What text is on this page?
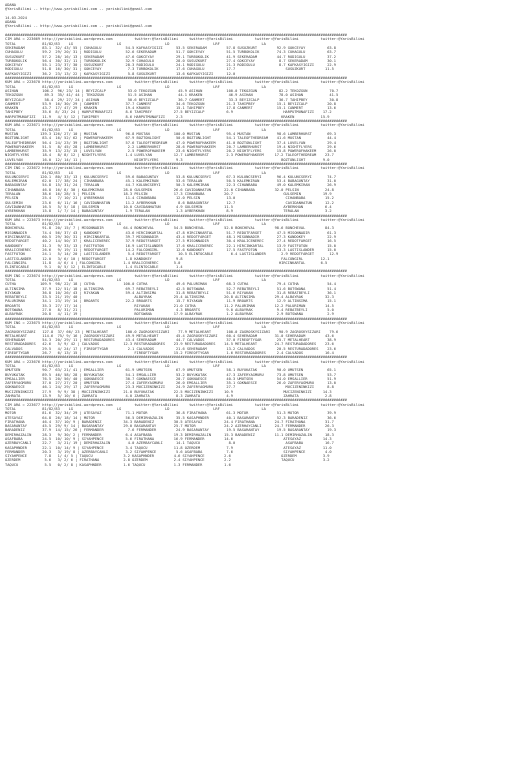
ADANA
@YarisBilimi -- http://www.yarisbilimi.com -- yarisbilimi@gmail.com
14.03.2024
ADANA
@YarisBilimi -- http://www.yarisbilimi.com -- yarisbilimi@gmail.com
############################################################################################################################################################
CIM ARA = 223669 http://yarisbilimi.wordpress.com          twitter:@YarisBilimi     twitter:@YarisBilimi          twitter:@YarisBilimi          twitter:@YarisBilimi
TOTAL            81/82/83    LG                    LG                    LD                    LRF                   LA
SEKERADAM        83.1  32/ 43/ 55 | CUHAGULU           54.5 KAFKASYIGIZI      53.5 SEKERADAM         57.8 SUSUZKURT         92.9 GOKCEYAY          63.8
CUHAGULU         59.2  29/ 20/ 31 | RODIGULU           52.6 SEKERADAM         51.7 GOKCEYAY          51.5 TURBOKOLIK        74.3 CUHAGULU          63.7
SUSUZKURT        57.2  28/ 16/ 13 | SEKERADAM          47.6 GOKCEYAY          29.1 TURBOKOLIK        41.9 SEKERADAM         44.7 RODIGULU          37.2
TURBOKOLIK       56.4  30/ 32/ 11 | TURBOKOLIK         32.9 CUHAGULU          28.0 SUSUZKURT         27.4 GOKCEYAY           8.7 SEKERADAM         30.1
GOKCEYAY         55.1  23/ 37/ 30 | SUSUZKURT          28.3 RODIGULU          24.1 RODIGULU          21.3 RODIGULU           8.7 KAFKASYIGIZI      22.9
RODIGULU         51.8  16/ 30/ 31 | GOKCEYAY            7.3 TURBOKOLIK        17.6 CUHAGULU          17.7                       SUSUZKURT         11.5
KAFKASYIGIZI     36.2  23/ 13/ 22 | KAFKASYIGIZI        5.8 SUSUZKURT         13.6 KAFKASYIGIZI      12.0
############################################################################################################################################################
KUM ARA = 223670 http://yarisbilimi.wordpress.com          twitter:@YarisBilimi     twitter:@YarisBilimi          twitter:@YarisBilimi          twitter:@YarisBilimi
TOTAL            81/82/83    LG                    LG                    LD                    LRF                   LA
ASIHAN           106.2  96/ 23/ 14 | BEYIZCALP          53.0 TEKOZGUN          45.9 ASIHAN           100.0 TEKOZGUN          82.2 TEKOZGUN          70.7
TEKOZGUN          89.3  35/ 41/ 44 | TEKOZGUN           51.5 ASIHAN            44.1 KRAKEN            46.9 ASIHAN            78.0 ASIHAN            41.5
BEYIZCALP         58.4  29/ 27/ 24 | ASIHAN             50.6 BEYIZCALP         36.7 CANMERT           33.3 BEYIZCALP         36.7 TAHIPBEY          30.8
CANMERT          53.9  16/ 30/ 29 | CANMERT            37.7 CANMERT           34.6 TEKOZGUN          21.3 TAHIPBEY          15.1 BEYIZCALP         20.8
KRAKEN           43.7  17/ 47/ 29 | KRAKEN             19.4 KRAKEN            15.1 TAHIPBEY          17.8 CANMERT           15.1 CANMERT           13.6
TAHIPBEY         35.6  8/ 23/ 24 | HARPUTMUNAFIZI      8.6 TAHIPBEY          27.5 BEYIZCALP          6.9                       HARPUTMUNAFIZI    17.2
HARPUTMUNAFIZI   11.9   4/ 5/ 12 | TAHIPBEY            8.6 HARPUTMUNAFIZI     2.3                                             KRAKEN            15.9
############################################################################################################################################################
KUM ARA = 223671 http://yarisbilimi.wordpress.com          twitter:@YarisBilimi     twitter:@YarisBilimi          twitter:@YarisBilimi          twitter:@YarisBilimi
TOTAL            81/82/83    LG                    LG                    LD                    LRF                   LA
MUSTAN          139.3 126/ 27/ 10 | MUSTAN             96.8 MUSTAN           100.0 MUSTAN            95.4 MUSTAN            98.6 LAMBERHURST       69.3
BOZTONLIGHT      83.4  16/ 52/ 62 | POWEROFHAKEEM      67.9 BOZTONLIGHT       50.6 BOZTONLIGHT       54.1 TALEOFTHEDREAM    41.6 MUSTAN            44.4
TALEOFTHEDREAM   56.4  24/ 23/ 39 | BOZTONLIGHT        57.6 TALEOFTHEDREAM    47.0 POWEROFHAKEEM     41.0 BOZTONLIGHT       37.4 LUVELYAN          29.4
POWEROFHAKEEM    51.5   8/ 45/ 28 | LAMBERHURST         2.2 LAMBERHURST       28.6 POWEROFHAKEEM     20.7 LAMBERHURST       19.4 NIGHTFLYERS       29.6
LAMBERHURST      35.9  13/ 23/ 15 | LUVELYAN            2.5 POWEROFHAKEEM     23.6 NIGHTFLYERS       20.2 NIGHTFLYERS       15.8 POWEROFHAKEEM     26.0
NIGHTFLYERS      18.4   8/ 8/ 12 | NIGHTFLYERS         1.4 LUVELYAN          12.7 LAMBERHURST        2.3 POWEROFHAKEEM     17.2 TALEOFTHEDREAM    23.7
LUVELYAN         16.0  12/ 14/ 11 |                        NIGHTFLYERS        9.3                                             BOZTONLIGHT        9.0
############################################################################################################################################################
CIM ING = 223672 http://yarisbilimi.wordpress.com          twitter:@YarisBilimi     twitter:@YarisBilimi          twitter:@YarisBilimi          twitter:@YarisBilimi
TOTAL            81/82/83    LG                    LG                    LD                    LRF                   LA
KULUNCSERYI     120.1  80/ 33/ 13 | KULUNCSERYI        59.6 BABAGUNTAY        53.8 KULUNCSERYI       67.3 KULUNCSERYI       96.4 KULUNCSERYI       74.7
KALEMKIRAN       62.0  17/ 38/ 24 | CIHANBABA          45.1 KALEMKIRAN        53.6 TERALAN           50.5 KALEMKIRAN        53.4 BABAGUNTAY        31.0
BABAGUNTAY       54.8  15/ 31/ 24 | TERALAN            44.7 KULUNCSERYI       50.3 KALEMKIRAN        22.3 CIHANBABA         49.0 KALEMKIRAN        26.9
CIHANBABA        46.8  16/ 8/ 30 | KALEMKIRAN         28.0 GULSEMIN          26.6 CAVIDANHATUN      22.0 CIHANBABA         32.0 PELSIN            24.8
TERALAN          38.6  16/ 28/ 5 | PELSIN             18.3 PELSIN            17.3 CIHANBABA         20.7                       GULSEMIN          19.9
PELSIN           25.4   7/ 10/ 21 | AYBERKHAN          11.4 CIHANBABA         12.0 PELSIN            13.0                       CIHANBABA         15.2
GULSEMIN         23.6   6/ 11/ 16 | CAVIDANHATUN       11.2 AYBERKHAN          8.6 BABAGUNTAY        12.7                       CAVIDANHATUN      12.2
CAVIDANHATUN     16.5   5/ 5/ 18 | GULSEMIN           10.0 CAVIDANHATUN       4.9 GULSEMIN          11.5                       AYBERKHAN          6.4
AYBERKHAN        15.8   1/ 7/ 14 | BABAGUNTAY          1.9 TERALAN            1.3 AYBERKHAN          8.9                       TERALAN            3.2
############################################################################################################################################################
KUM ARA = 223673 http://yarisbilimi.wordpress.com          twitter:@YarisBilimi     twitter:@YarisBilimi          twitter:@YarisBilimi          twitter:@YarisBilimi
TOTAL            81/82/83    LG                    LG                    LD                    LRF                   LA
BONCHEVAL        91.8  20/ 15/ 7 | MISONNADIR         64.4 BONCHEVAL         54.5 BONCHEVAL         52.0 BONCHEVAL         98.6 BONCHEVAL         84.3
MISONNADIR       74.4  56/ 37/ 43 | KANDOKEY           43.6 HIRCINKARTAL      47.8 HIRCINKARTAL      51.7 REDOTFARGET       47.5 MISONNADIR        61.3
HIRCINKARTAL     60.5  29/ 30/ 31 | HIRCINKARTAL       39.7 MISONNADIR        43.4 REDOTFARGET       48.1 MISONNADIR        27.3 KANDOKEY          22.9
REDOTFARGET      40.2  14/ 50/ 37 | KRALICENEREC       37.9 REDOTFARGET       27.5 MISONNADIR        30.4 KRALICENEREC      27.4 REDOTFARGET       16.5
KANDOKEY         31.3   9/ 33/ 13 | FASTFOTON          16.9 LASTISLANDER      17.6 KRALICENEREC      22.1 HIRCINKARTAL      13.9 FASTFOTON         15.0
KRALICENEREC     26.6   9/ 19/ 11 | REDOTFARGET        14.2 FALCONGIRL        12.6 KANDOKEY          17.5 FASTFOTON         13.3 LASTISLANDER      15.0
FASTFOTON        24.1   5/ 14/ 20 | LASTISLANDER        5.4 REDOTFARGET        10.5 ELINTOCABLE        6.4 LASTISLANDER       2.9 REDOTFARGET       12.9
LASTISLANDER     12.0   3/ 6/ 10 | REDOTFARGET         1.8 KANDOKEY           9.8                                             FALCONGIRL        12.1
FALCONGIRL       11.8   4/ 6/ 4 | FALCONGIRL          1.4 KRALICENEREC       5.0                                             HIRCINKARTAL       6.5
ELINTOCABLE       9.1   0/ 5/ 12 | ELINTOCABLE         1.4 ELINTOCABLE        1.4
############################################################################################################################################################
KUM ING = 223674 http://yarisbilimi.wordpress.com          twitter:@YarisBilimi     twitter:@YarisBilimi          twitter:@YarisBilimi          twitter:@YarisBilimi
TOTAL            81/82/83    LG                    LG                    LD                    LRF                   LA
CUTHA           109.9  98/ 22/ 18 | CUTHA             100.0 CUTHA             49.6 PALURIMAN         68.3 CUTHA             79.4 CUTHA             54.4
ALTINSIMA        37.9  12/ 51/ 18 | ALTINSIMA          69.7 REBATBEYLI        42.5 BOTSWANA          52.7 REBATBEYLI        51.6 BOTSWANA          51.4
RIYAKAN          36.8  10/ 26/ 43 | RIYAKAN            59.4 ALTINSIMA         31.8 REBATBEYLI        51.6 RIYAKAN           31.8 REBATBEYLI        36.1
REBATBEYLI       33.5  21/ 19/ 40 |                        ALBAYRAK          25.4 ALTINSIMA         20.8 ALTINSIMA         29.4 ALBAYRAK          32.3
PALURIMAN        34.1  23/ 19/ 14 | BROARTS            22.2 BROARTS           15.7 RIYAKAN           11.9 BROARTS           12.9 ALTINSIMA         15.1
BROARTS          35.3  27/ 17/ 14 |                        RIYAKAN           21.0 CUTHA             11.2 PALURIMAN         12.2 PALURIMAN         14.5
BOTSWANA         27.0   8/ 31/ 21 |                        PALURIMAN          4.3 BROARTS            9.0 ALBAYRAK           9.4 REBATBEYLI         5.0
ALBAYRAK         20.8   4/ 11/ 19 |                        BOTSWANA          17.9 ALBAYRAK           1.2 ALBAYRAK           2.9 BOTSWANA           2.9
############################################################################################################################################################
KUM ING = 223675 http://yarisbilimi.wordpress.com          twitter:@YarisBilimi     twitter:@YarisBilimi          twitter:@YarisBilimi          twitter:@YarisBilimi
TOTAL            81/82/83    LG                    LG                    LD                    LRF                   LA
ZAGROSKYSIZARI   127.8  37/ 66/ 23 | METALHEART        100.0 ZAGROSKYSIZARI    77.9 METALHEART       100.0 ZAGROSKYSIZARI    90.9 ZAGROSKYSIZARI    79.6
METALHEART       114.6  75/ 9/ 16 | ZAGROSKYSIZARI     49.9 METALHEART        45.4 ZAGROSKYSIZARI    60.4 SEHERADAM        31.0 SEHERADAM         43.6
SEHERADAM        54.3  20/ 29/ 11 | RESTURADADORES     43.4 SEHERADAM         44.7 CALVADOS          37.0 FIREOFTYGAR       25.7 METALHEART        38.9
RESTURADADORES   42.6   5/ 9/ 42 | CALVADOS           12.3 RESTURADADORES    23.9 RESTURADADORES    14.5 METALHEART        24.7 RESTURADADORES    23.6
CALVADOS         29.5   4/ 24/ 17 | FIREOFTYGAR         2.1 CALVADOS          21.6 SEHERADAM         13.2 CALVADOS          20.5 RESTURADADORES    23.6
FIREOFTYGAR      26.7   6/ 13/ 15 |                        FIREOFTYGAR       15.2 FIREOFTYGAR        1.6 RESTURADADORES     2.4 CALVADOS          16.4
############################################################################################################################################################
KUM ARA = 223676 http://yarisbilimi.wordpress.com          twitter:@YarisBilimi     twitter:@YarisBilimi          twitter:@YarisBilimi          twitter:@YarisBilimi
TOTAL            81/82/83    LG                    LG                    LD                    LRF                   LA
UMUTSEN          90.7  63/ 21/ 41 | EMSALLIER          61.9 UMUTSEN           67.9 UMUTSEN           58.1 BUYUKATAK         90.0 UMUTSEN           65.1
BUYUKATAK        89.5  46/ 58/ 28 | BUYUKATAK          54.1 EMSALLIER         53.2 BUYUKATAK         47.3 ZAFERYAGMURU      73.8 UMUTSEN           53.7
EMSALLIER        76.5  20/ 56/ 40 | GOKNAESCE          30.7 GOKNAESCE         20.7 GOKNAESCE         40.3 UMUTSEN           54.0 EMSALLIER         51.9
ZAFERYAGMURU     37.0  27/ 27/ 20 | UMUTSEN            27.4 ZAFERYAGMURU      26.0 EMSALLIER         35.1 GOKNAESCE         26.0 ZAFERYAGMURU      13.0
GOKNAESCE        46.1  24/ 29/ 17 | ZAFERYAGMURU       23.3 MUCIZENINKIZI     24.9 ZAFERYAGMURU      27.7                       MUCIZENINKIZI      8.8
MUCIZENINKIZI    27.9   9/ 9/ 38 | MUCIZENINKIZI      21.0 BUYUKATAK         22.5 MUCIZENINKIZI     10.9                       MUCIZENINKIZI     14.3
ZAHRATA          13.9   5/ 10/ 6 | ZAHRATA             4.0 ZAHRATA            8.3 ZAHRATA            4.9                       ZAHRATA            2.8
############################################################################################################################################################
CIM ARA = 223677 http://yarisbilimi.wordpress.com          twitter:@YarisBilimi     twitter:@YarisBilimi          twitter:@YarisBilimi          twitter:@YarisBilimi
TOTAL            81/82/83    LG                    LG                    LD                    LRF                   LA
MOTOR            81.6  32/ 34/ 29 | ATESAYAZ           71.1 MOTOR             36.8 FIRATHANA         61.3 MOTOR             51.3 MOTOR             39.9
ATESAYAZ         64.8  26/ 18/ 14 | MOTOR              56.5 DEMIRHAZALIN      35.5 KASAPHNDER        40.1 BASARANTAY        52.3 BARADENIZ         36.6
FIRATHANA        46.4  37/ 10/ 9 | BARADENIZ          34.3 BARADENIZ         30.5 ATESAYAZ          24.4 FIRATHANA         24.7 FIRATHANA         31.7
BASARANTAY       45.5  29/ 9/ 14 | BASARANTAY         29.0 BASARANTAY        25.7 MOTOR             24.2 AZERHAYCANLI      24.7 FERMANDER         26.3
BARADENIZ        37.9  14/ 15/ 26 | FERMANDER           7.6 FERMANDER         24.9 BASARANTAY        19.5 BASARANTAY        19.5 BASARANTAY        19.3
DEMIRHAZALIN     28.3   9/ 30/ 2 | FERMANDER           6.4 ASAFBABA          19.3 DEMIRHAZALIN      15.3 BARADENIZ         11.1 DEMIRHAZALIN      18.3
ASAFBABA         24.5  10/ 10/ 9 | SIYAHPENCE          5.6 FIRATHANA         16.9 FERMANDER         14.6                       ATESAYAZ          14.3
AZERBAYCANLI     22.7   3/ 21/ 19 | DEMIRHAZALIN        4.0 AZERBAYCANLI      14.1 TAQUCU             8.0                       ASAFBABA          16.7
KASAPHNDER       22.1  10/ 14/ 9 | SIYAHPENCE          3.4 TAQUCU            11.8 OZERDEM            7.9                       ATESAYAZ          11.0
FERMANDER        20.3   3/ 19/ 8 | AZERBAYCANLI        3.2 SIYAHPENCE         5.6 ASAFBABA           7.6                       SIYAHPENCE         4.0
SIYAHPENCE        7.8   1/ 4/ 5 | TAQUCU              3.2 KASAPHNDER         4.6 SIYAHPENCE         2.6                       OZERDEM            3.9
OZERDEM           5.6   3/ 2/ 6 | FIRATHANA           2.8 OZERDEM            2.4 SIYAHPENCE         2.2                       TAQUCU             3.2
TAQUCU            5.5   0/ 2/ 8 | KASAPHNDER          1.6 TAQUCU             1.3 FERMANDER          1.6
